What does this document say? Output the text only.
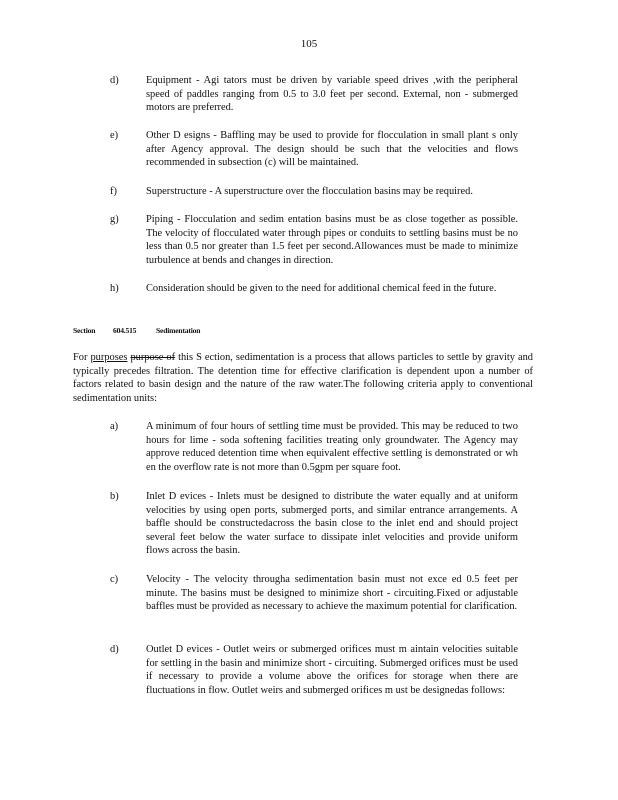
105
d)	Equipment - Agi tators must be driven by variable speed drives ,with the peripheral speed of paddles ranging from 0.5 to 3.0 feet per second. External, non - submerged motors are preferred.
e)	Other D esigns - Baffling may be used to provide for flocculation in small plant s only after Agency approval. The design should be such that the velocities and flows recommended in subsection (c) will be maintained.
f)	Superstructure - A superstructure over the flocculation basins may be required.
g)	Piping - Flocculation and sedim entation basins must be as close together as possible. The velocity of flocculated water through pipes or conduits to settling basins must be no less than 0.5 nor greater than 1.5 feet per second.Allowances must be made to minimize turbulence at bends and changes in direction.
h)	Consideration should be given to the need for additional chemical feed in the future.
Section 604.515	Sedimentation
For purposes purpose of this S ection, sedimentation is a process that allows particles to settle by gravity and typically precedes filtration. The detention time for effective clarification is dependent upon a number of factors related to basin design and the nature of the raw water.The following criteria apply to conventional sedimentation units:
a)	A minimum of four hours of settling time must be provided. This may be reduced to two hours for lime - soda softening facilities treating only groundwater. The Agency may approve reduced detention time when equivalent effective settling is demonstrated or wh en the overflow rate is not more than 0.5gpm per square foot.
b)	Inlet D evices - Inlets must be designed to distribute the water equally and at uniform velocities by using open ports, submerged ports, and similar entrance arrangements. A baffle should be constructedacross the basin close to the inlet end and should project several feet below the water surface to dissipate inlet velocities and provide uniform flows across the basin.
c)	Velocity - The velocity througha sedimentation basin must not exce ed 0.5 feet per minute. The basins must be designed to minimize short - circuiting.Fixed or adjustable baffles must be provided as necessary to achieve the maximum potential for clarification.
d)	Outlet D evices - Outlet weirs or submerged orifices must m aintain velocities suitable for settling in the basin and minimize short - circuiting. Submerged orifices must be used if necessary to provide a volume above the orifices for storage when there are fluctuations in flow. Outlet weirs and submerged orifices m ust be designedas follows:
